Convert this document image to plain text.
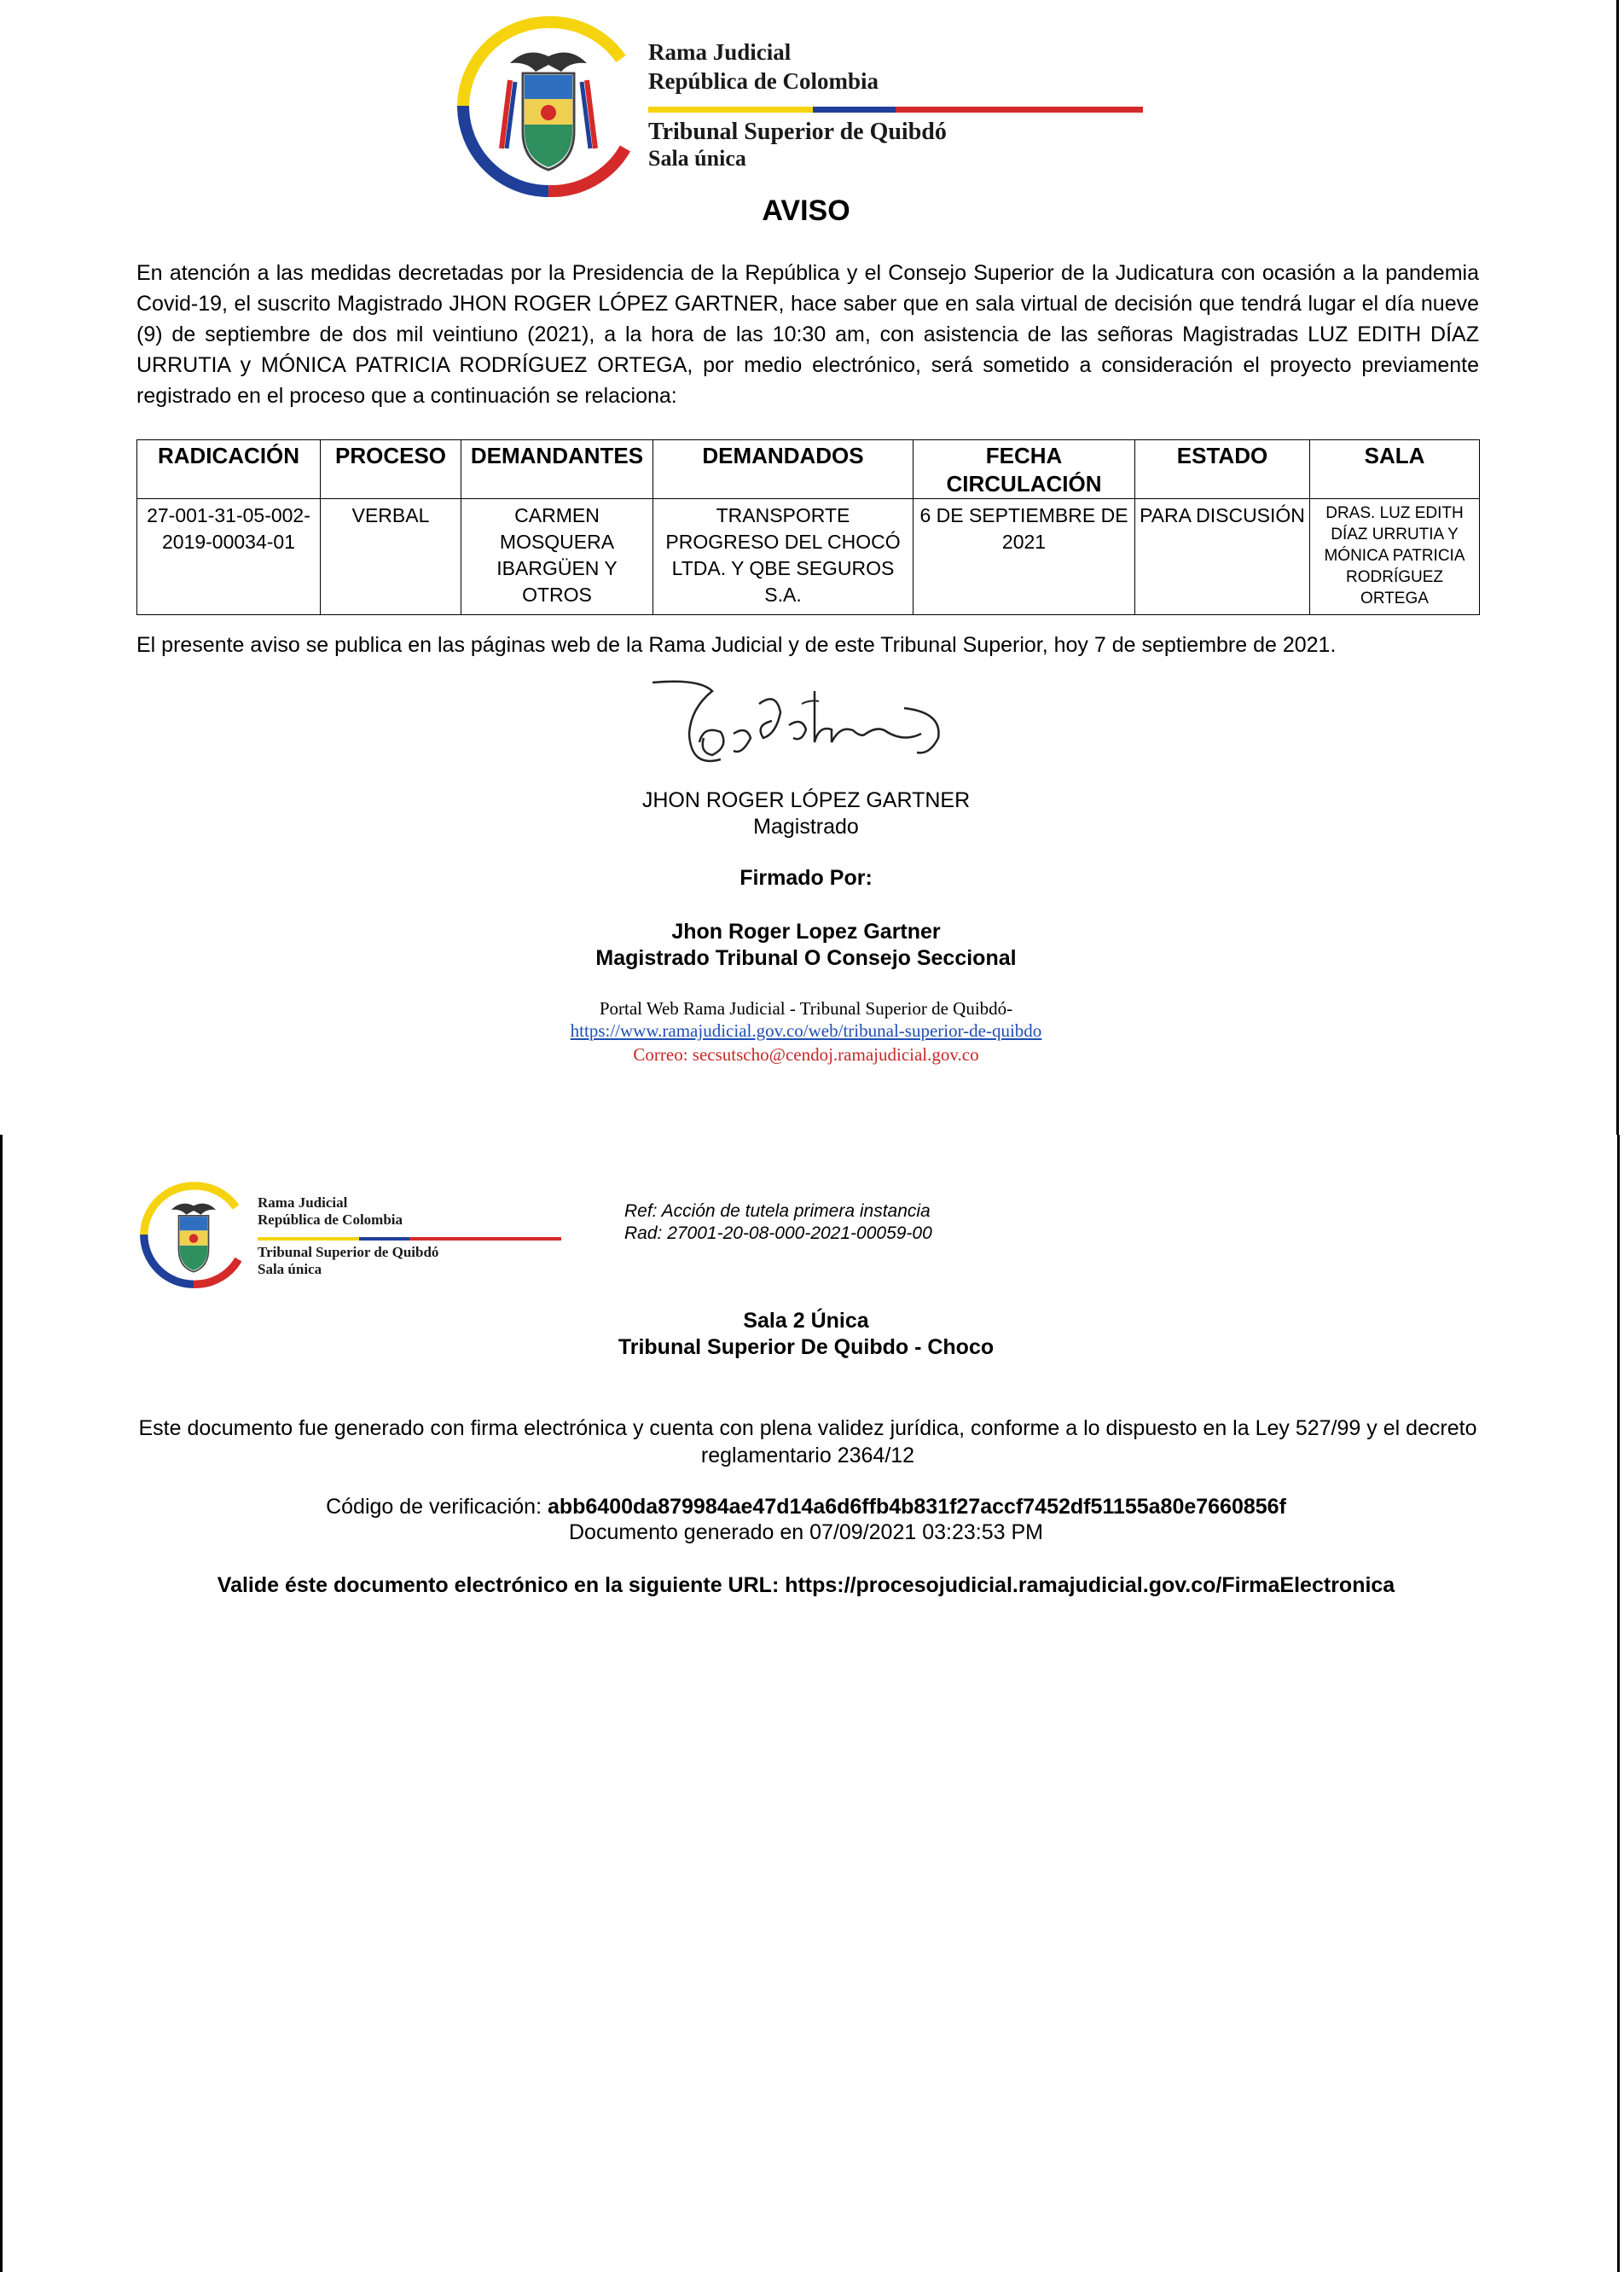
Rama Judicial
República de Colombia
Tribunal Superior de Quibdó
Sala única
AVISO
En atención a las medidas decretadas por la Presidencia de la República y el Consejo Superior de la Judicatura con ocasión a la pandemia Covid-19, el suscrito Magistrado JHON ROGER LÓPEZ GARTNER, hace saber que en sala virtual de decisión que tendrá lugar el día nueve (9) de septiembre de dos mil veintiuno (2021), a la hora de las 10:30 am, con asistencia de las señoras Magistradas LUZ EDITH DÍAZ URRUTIA y MÓNICA PATRICIA RODRÍGUEZ ORTEGA, por medio electrónico, será sometido a consideración el proyecto previamente registrado en el proceso que a continuación se relaciona:
RADICACIÓN	PROCESO	DEMANDANTES	DEMANDADOS	FECHA CIRCULACIÓN	ESTADO	SALA
27-001-31-05-002-2019-00034-01	VERBAL	CARMEN MOSQUERA IBARGÜEN Y OTROS	TRANSPORTE PROGRESO DEL CHOCÓ LTDA. Y QBE SEGUROS S.A.	6 DE SEPTIEMBRE DE 2021	PARA DISCUSIÓN	DRAS. LUZ EDITH DÍAZ URRUTIA Y MÓNICA PATRICIA RODRÍGUEZ ORTEGA
El presente aviso se publica en las páginas web de la Rama Judicial y de este Tribunal Superior, hoy 7 de septiembre de 2021.
JHON ROGER LÓPEZ GARTNER
Magistrado
Firmado Por:
Jhon Roger Lopez Gartner
Magistrado Tribunal O Consejo Seccional
Portal Web Rama Judicial - Tribunal Superior de Quibdó-
https://www.ramajudicial.gov.co/web/tribunal-superior-de-quibdo
Correo: secsutscho@cendoj.ramajudicial.gov.co
Rama Judicial
República de Colombia
Tribunal Superior de Quibdó
Sala única
Ref: Acción de tutela primera instancia
Rad: 27001-20-08-000-2021-00059-00
Sala 2 Única
Tribunal Superior De Quibdo - Choco
Este documento fue generado con firma electrónica y cuenta con plena validez jurídica, conforme a lo dispuesto en la Ley 527/99 y el decreto reglamentario 2364/12
Código de verificación: abb6400da879984ae47d14a6d6ffb4b831f27accf7452df51155a80e7660856f
Documento generado en 07/09/2021 03:23:53 PM
Valide éste documento electrónico en la siguiente URL: https://procesojudicial.ramajudicial.gov.co/FirmaElectronica
